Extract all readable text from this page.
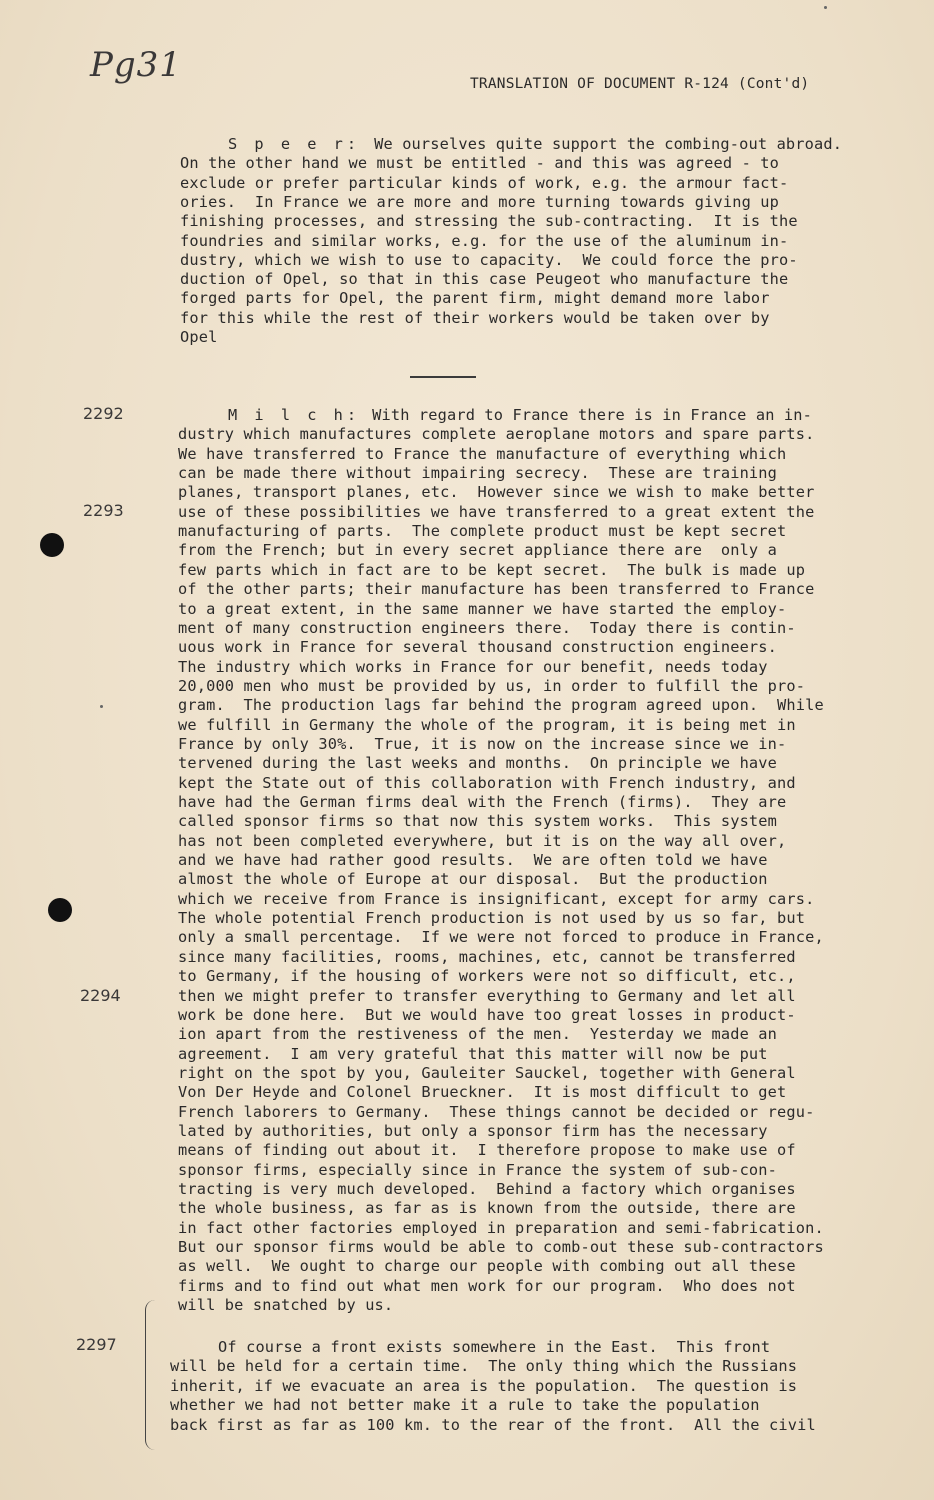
Pg31	TRANSLATION OF DOCUMENT R-124 (Cont'd)
S p e e r: We ourselves quite support the combing-out abroad.
On the other hand we must be entitled - and this was agreed - to
exclude or prefer particular kinds of work, e.g. the armour fact-
ories.  In France we are more and more turning towards giving up
finishing processes, and stressing the sub-contracting.  It is the
foundries and similar works, e.g. for the use of the aluminum in-
dustry, which we wish to use to capacity.  We could force the pro-
duction of Opel, so that in this case Peugeot who manufacture the
forged parts for Opel, the parent firm, might demand more labor
for this while the rest of their workers would be taken over by
Opel
M i l c h: With regard to France there is in France an in-
dustry which manufactures complete aeroplane motors and spare parts.
We have transferred to France the manufacture of everything which
can be made there without impairing secrecy.  These are training
planes, transport planes, etc.  However since we wish to make better
use of these possibilities we have transferred to a great extent the
manufacturing of parts.  The complete product must be kept secret
from the French; but in every secret appliance there are  only a
few parts which in fact are to be kept secret.  The bulk is made up
of the other parts; their manufacture has been transferred to France
to a great extent, in the same manner we have started the employ-
ment of many construction engineers there.  Today there is contin-
uous work in France for several thousand construction engineers.
The industry which works in France for our benefit, needs today
20,000 men who must be provided by us, in order to fulfill the pro-
gram.  The production lags far behind the program agreed upon.  While
we fulfill in Germany the whole of the program, it is being met in
France by only 30%.  True, it is now on the increase since we in-
tervened during the last weeks and months.  On principle we have
kept the State out of this collaboration with French industry, and
have had the German firms deal with the French (firms).  They are
called sponsor firms so that now this system works.  This system
has not been completed everywhere, but it is on the way all over,
and we have had rather good results.  We are often told we have
almost the whole of Europe at our disposal.  But the production
which we receive from France is insignificant, except for army cars.
The whole potential French production is not used by us so far, but
only a small percentage.  If we were not forced to produce in France,
since many facilities, rooms, machines, etc, cannot be transferred
to Germany, if the housing of workers were not so difficult, etc.,
then we might prefer to transfer everything to Germany and let all
work be done here.  But we would have too great losses in product-
ion apart from the restiveness of the men.  Yesterday we made an
agreement.  I am very grateful that this matter will now be put
right on the spot by you, Gauleiter Sauckel, together with General
Von Der Heyde and Colonel Brueckner.  It is most difficult to get
French laborers to Germany.  These things cannot be decided or regu-
lated by authorities, but only a sponsor firm has the necessary
means of finding out about it.  I therefore propose to make use of
sponsor firms, especially since in France the system of sub-con-
tracting is very much developed.  Behind a factory which organises
the whole business, as far as is known from the outside, there are
in fact other factories employed in preparation and semi-fabrication.
But our sponsor firms would be able to comb-out these sub-contractors
as well.  We ought to charge our people with combing out all these
firms and to find out what men work for our program.  Who does not
will be snatched by us.
Of course a front exists somewhere in the East.  This front
will be held for a certain time.  The only thing which the Russians
inherit, if we evacuate an area is the population.  The question is
whether we had not better make it a rule to take the population
back first as far as 100 km. to the rear of the front.  All the civil
2292
2293
2294
2297
